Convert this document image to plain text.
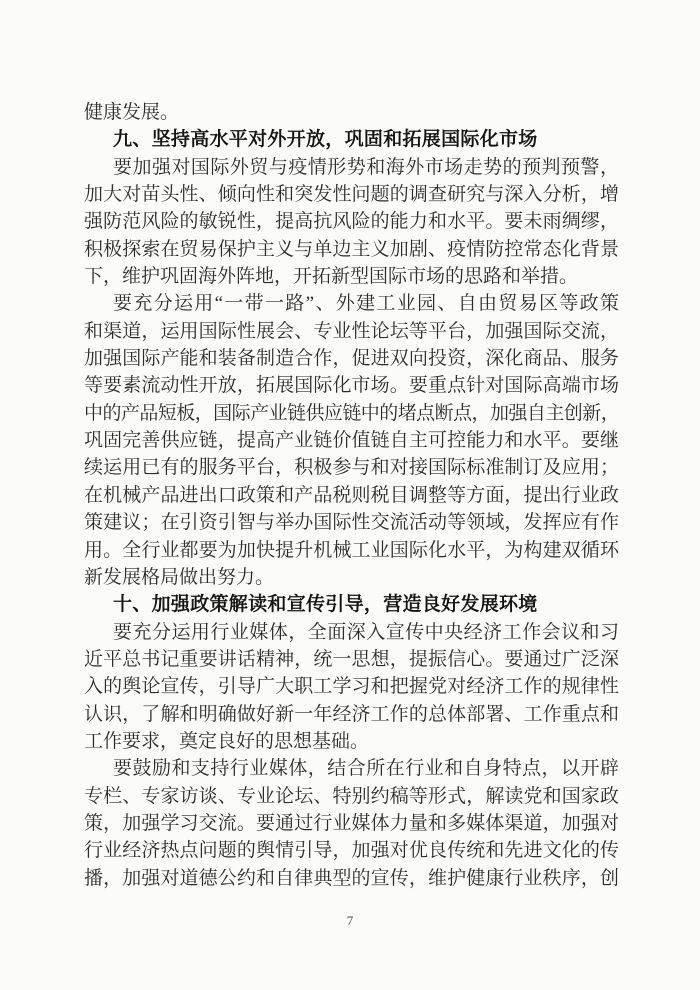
健康发展。
九、坚持高水平对外开放，巩固和拓展国际化市场
要加强对国际外贸与疫情形势和海外市场走势的预判预警，
加大对苗头性、倾向性和突发性问题的调查研究与深入分析，增
强防范风险的敏锐性，提高抗风险的能力和水平。要未雨绸缪，
积极探索在贸易保护主义与单边主义加剧、疫情防控常态化背景
下，维护巩固海外阵地，开拓新型国际市场的思路和举措。
要充分运用“一带一路”、外建工业园、自由贸易区等政策
和渠道，运用国际性展会、专业性论坛等平台，加强国际交流，
加强国际产能和装备制造合作，促进双向投资，深化商品、服务
等要素流动性开放，拓展国际化市场。要重点针对国际高端市场
中的产品短板，国际产业链供应链中的堵点断点，加强自主创新，
巩固完善供应链，提高产业链价值链自主可控能力和水平。要继
续运用已有的服务平台，积极参与和对接国际标准制订及应用；
在机械产品进出口政策和产品税则税目调整等方面，提出行业政
策建议；在引资引智与举办国际性交流活动等领域，发挥应有作
用。全行业都要为加快提升机械工业国际化水平，为构建双循环
新发展格局做出努力。
十、加强政策解读和宣传引导，营造良好发展环境
要充分运用行业媒体，全面深入宣传中央经济工作会议和习
近平总书记重要讲话精神，统一思想，提振信心。要通过广泛深
入的舆论宣传，引导广大职工学习和把握党对经济工作的规律性
认识，了解和明确做好新一年经济工作的总体部署、工作重点和
工作要求，奠定良好的思想基础。
要鼓励和支持行业媒体，结合所在行业和自身特点，以开辟
专栏、专家访谈、专业论坛、特别约稿等形式，解读党和国家政
策，加强学习交流。要通过行业媒体力量和多媒体渠道，加强对
行业经济热点问题的舆情引导，加强对优良传统和先进文化的传
播，加强对道德公约和自律典型的宣传，维护健康行业秩序，创
7
